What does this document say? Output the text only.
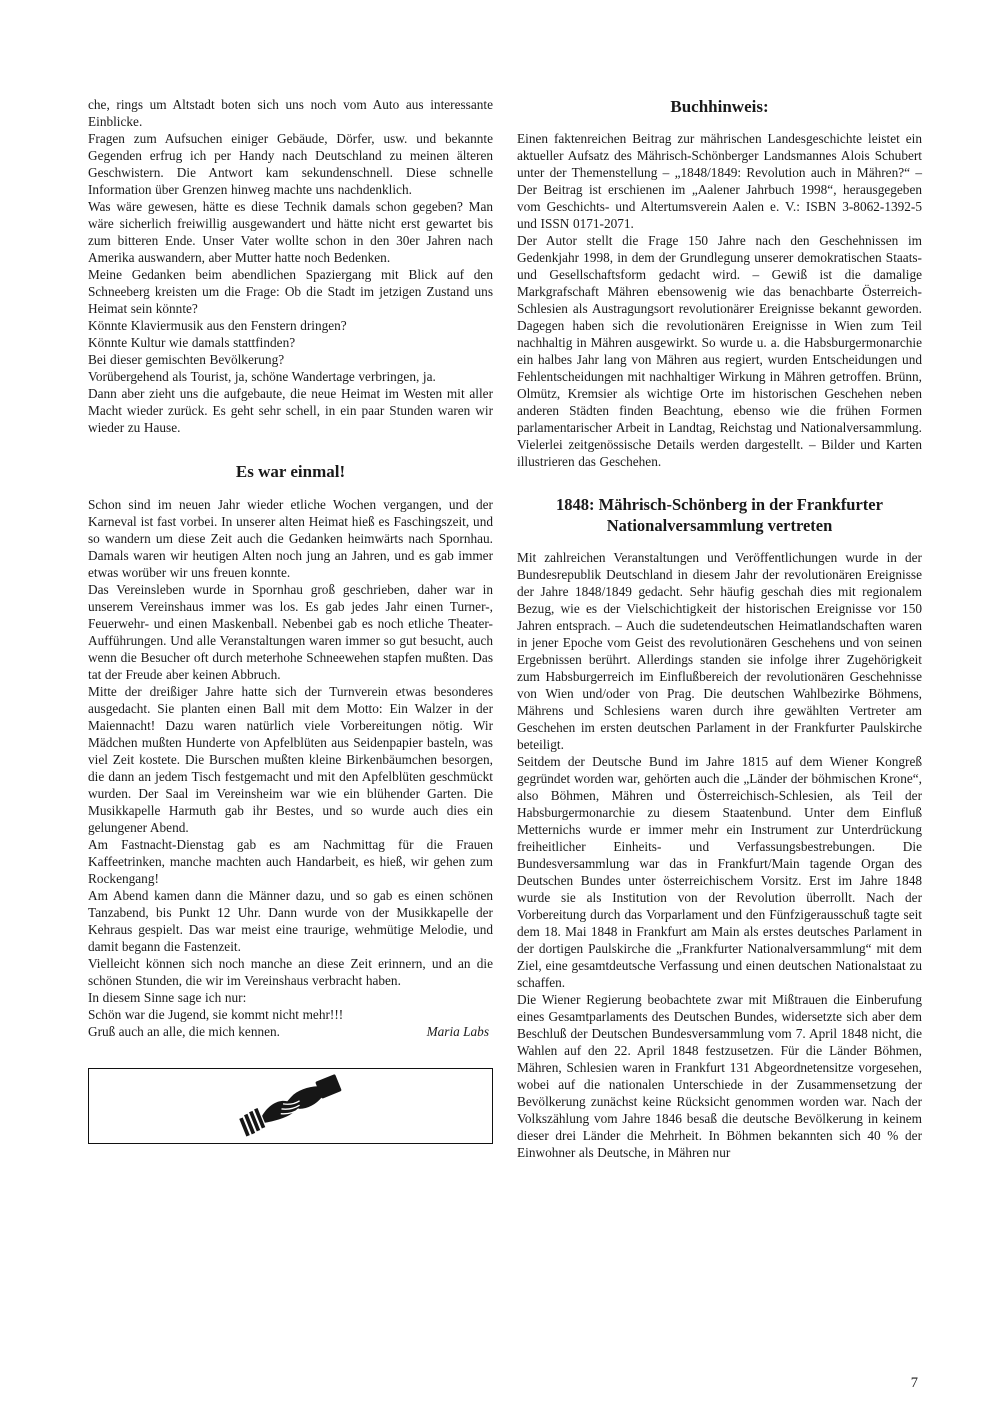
che, rings um Altstadt boten sich uns noch vom Auto aus interessante Einblicke.

Fragen zum Aufsuchen einiger Gebäude, Dörfer, usw. und bekannte Gegenden erfrug ich per Handy nach Deutschland zu meinen älteren Geschwistern. Die Antwort kam sekundenschnell. Diese schnelle Information über Grenzen hinweg machte uns nachdenklich.

Was wäre gewesen, hätte es diese Technik damals schon gegeben? Man wäre sicherlich freiwillig ausgewandert und hätte nicht erst gewartet bis zum bitteren Ende. Unser Vater wollte schon in den 30er Jahren nach Amerika auswandern, aber Mutter hatte noch Bedenken.

Meine Gedanken beim abendlichen Spaziergang mit Blick auf den Schneeberg kreisten um die Frage: Ob die Stadt im jetzigen Zustand uns Heimat sein könnte?

Könnte Klaviermusik aus den Fenstern dringen?

Könnte Kultur wie damals stattfinden?

Bei dieser gemischten Bevölkerung?

Vorübergehend als Tourist, ja, schöne Wandertage verbringen, ja.

Dann aber zieht uns die aufgebaute, die neue Heimat im Westen mit aller Macht wieder zurück. Es geht sehr schell, in ein paar Stunden waren wir wieder zu Hause.

Es war einmal!

Schon sind im neuen Jahr wieder etliche Wochen vergangen, und der Karneval ist fast vorbei. In unserer alten Heimat hieß es Faschingszeit, und so wandern um diese Zeit auch die Gedanken heimwärts nach Spornhau. Damals waren wir heutigen Alten noch jung an Jahren, und es gab immer etwas worüber wir uns freuen konnte.

Das Vereinsleben wurde in Spornhau groß geschrieben, daher war in unserem Vereinshaus immer was los. Es gab jedes Jahr einen Turner-, Feuerwehr- und einen Maskenball. Nebenbei gab es noch etliche Theater-Aufführungen. Und alle Veranstaltungen waren immer so gut besucht, auch wenn die Besucher oft durch meterhohe Schneewehen stapfen mußten. Das tat der Freude aber keinen Abbruch.

Mitte der dreißiger Jahre hatte sich der Turnverein etwas besonderes ausgedacht. Sie planten einen Ball mit dem Motto: Ein Walzer in der Maiennacht! Dazu waren natürlich viele Vorbereitungen nötig. Wir Mädchen mußten Hunderte von Apfelblüten aus Seidenpapier basteln, was viel Zeit kostete. Die Burschen mußten kleine Birkenbäumchen besorgen, die dann an jedem Tisch festgemacht und mit den Apfelblüten geschmückt wurden. Der Saal im Vereinsheim war wie ein blühender Garten. Die Musikkapelle Harmuth gab ihr Bestes, und so wurde auch dies ein gelungener Abend.

Am Fastnacht-Dienstag gab es am Nachmittag für die Frauen Kaffeetrinken, manche machten auch Handarbeit, es hieß, wir gehen zum Rockengang!

Am Abend kamen dann die Männer dazu, und so gab es einen schönen Tanzabend, bis Punkt 12 Uhr. Dann wurde von der Musikkapelle der Kehraus gespielt. Das war meist eine traurige, wehmütige Melodie, und damit begann die Fastenzeit.

Vielleicht können sich noch manche an diese Zeit erinnern, und an die schönen Stunden, die wir im Vereinshaus verbracht haben.

In diesem Sinne sage ich nur:

Schön war die Jugend, sie kommt nicht mehr!!!

Gruß auch an alle, die mich kennen.	Maria Labs

Buchhinweis:

Einen faktenreichen Beitrag zur mährischen Landesgeschichte leistet ein aktueller Aufsatz des Mährisch-Schönberger Landsmannes Alois Schubert unter der Themenstellung – „1848/1849: Revolution auch in Mähren?“ – Der Beitrag ist erschienen im „Aalener Jahrbuch 1998“, herausgegeben vom Geschichts- und Altertumsverein Aalen e. V.: ISBN 3-8062-1392-5 und ISSN 0171-2071.

Der Autor stellt die Frage 150 Jahre nach den Geschehnissen im Gedenkjahr 1998, in dem der Grundlegung unserer demokratischen Staats- und Gesellschaftsform gedacht wird. – Gewiß ist die damalige Markgrafschaft Mähren ebensowenig wie das benachbarte Österreich-Schlesien als Austragungsort revolutionärer Ereignisse bekannt geworden. Dagegen haben sich die revolutionären Ereignisse in Wien zum Teil nachhaltig in Mähren ausgewirkt. So wurde u. a. die Habsburgermonarchie ein halbes Jahr lang von Mähren aus regiert, wurden Entscheidungen und Fehlentscheidungen mit nachhaltiger Wirkung in Mähren getroffen. Brünn, Olmütz, Kremsier als wichtige Orte im historischen Geschehen neben anderen Städten finden Beachtung, ebenso wie die frühen Formen parlamentarischer Arbeit in Landtag, Reichstag und Nationalversammlung. Vielerlei zeitgenössische Details werden dargestellt. – Bilder und Karten illustrieren das Geschehen.

1848: Mährisch-Schönberg in der Frankfurter Nationalversammlung vertreten

Mit zahlreichen Veranstaltungen und Veröffentlichungen wurde in der Bundesrepublik Deutschland in diesem Jahr der revolutionären Ereignisse der Jahre 1848/1849 gedacht. Sehr häufig geschah dies mit regionalem Bezug, wie es der Vielschichtigkeit der historischen Ereignisse vor 150 Jahren entsprach. – Auch die sudetendeutschen Heimatlandschaften waren in jener Epoche vom Geist des revolutionären Geschehens und von seinen Ergebnissen berührt. Allerdings standen sie infolge ihrer Zugehörigkeit zum Habsburgerreich im Einflußbereich der revolutionären Geschehnisse von Wien und/oder von Prag. Die deutschen Wahlbezirke Böhmens, Mährens und Schlesiens waren durch ihre gewählten Vertreter am Geschehen im ersten deutschen Parlament in der Frankfurter Paulskirche beteiligt.

Seitdem der Deutsche Bund im Jahre 1815 auf dem Wiener Kongreß gegründet worden war, gehörten auch die „Länder der böhmischen Krone“, also Böhmen, Mähren und Österreichisch-Schlesien, als Teil der Habsburgermonarchie zu diesem Staatenbund. Unter dem Einfluß Metternichs wurde er immer mehr ein Instrument zur Unterdrückung freiheitlicher Einheits- und Verfassungsbestrebungen. Die Bundesversammlung war das in Frankfurt/Main tagende Organ des Deutschen Bundes unter österreichischem Vorsitz. Erst im Jahre 1848 wurde sie als Institution von der Revolution überrollt. Nach der Vorbereitung durch das Vorparlament und den Fünfzigerausschuß tagte seit dem 18. Mai 1848 in Frankfurt am Main als erstes deutsches Parlament in der dortigen Paulskirche die „Frankfurter Nationalversammlung“ mit dem Ziel, eine gesamtdeutsche Verfassung und einen deutschen Nationalstaat zu schaffen.

Die Wiener Regierung beobachtete zwar mit Mißtrauen die Einberufung eines Gesamtparlaments des Deutschen Bundes, widersetzte sich aber dem Beschluß der Deutschen Bundesversammlung vom 7. April 1848 nicht, die Wahlen auf den 22. April 1848 festzusetzen. Für die Länder Böhmen, Mähren, Schlesien waren in Frankfurt 131 Abgeordnetensitze vorgesehen, wobei auf die nationalen Unterschiede in der Zusammensetzung der Bevölkerung zunächst keine Rücksicht genommen worden war. Nach der Volkszählung vom Jahre 1846 besaß die deutsche Bevölkerung in keinem dieser drei Länder die Mehrheit. In Böhmen bekannten sich 40 % der Einwohner als Deutsche, in Mähren nur

7
